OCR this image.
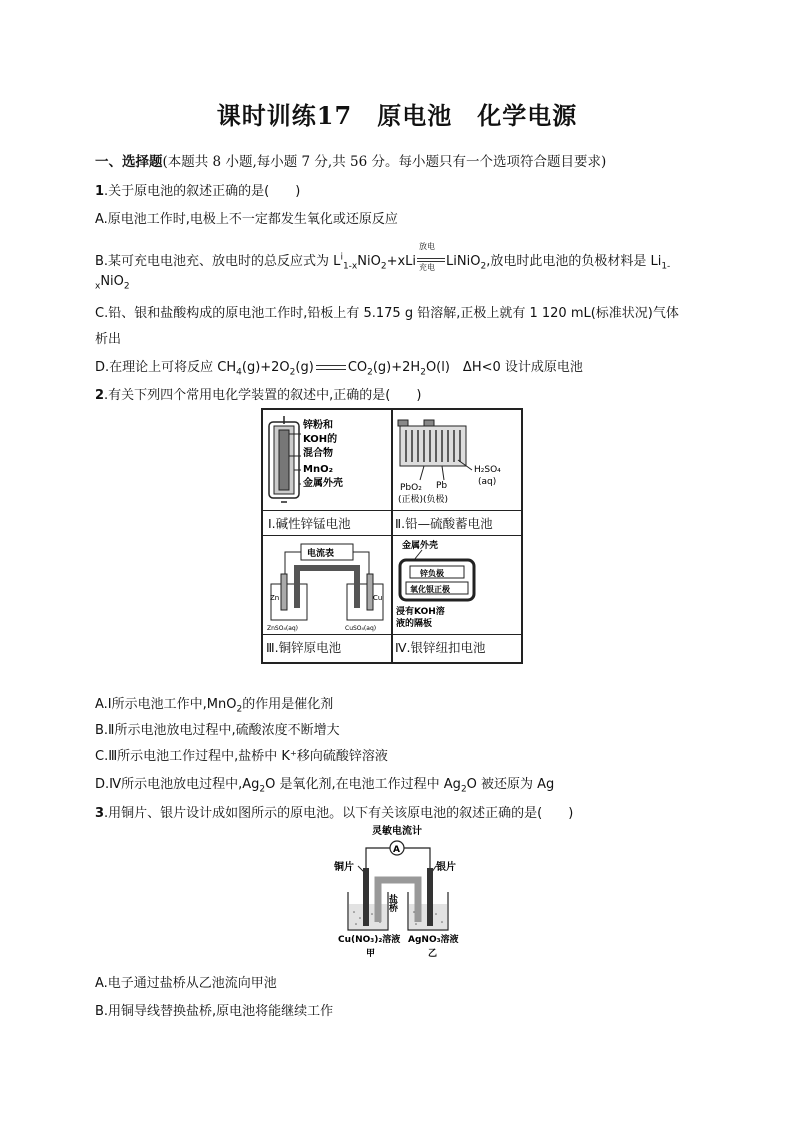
课时训练17　原电池　化学电源
一、选择题(本题共 8 小题,每小题 7 分,共 56 分。每小题只有一个选项符合题目要求)
1.关于原电池的叙述正确的是(　　)
A.原电池工作时,电极上不一定都发生氧化或还原反应
B.某可充电电池充、放电时的总反应式为 $L^i_{1-x}NiO_2+xLi$
放电
充电 LiNiO$_2$,放电时此电池的负极材料是 $Li_{1-}$
$_x$NiO$_2$
C.铅、银和盐酸构成的原电池工作时,铅板上有 5.175 g 铅溶解,正极上就有 1 120 mL(标准状况)气体
析出
D.在理论上可将反应 $CH_4(g)+2O_2(g)$	$CO_2(g)+2H_2O(l)$　ΔH<0 设计成原电池
2.有关下列四个常用电化学装置的叙述中,正确的是(　　)
锌粉和
KOH的
混合物
MnO₂
金属外壳
Ⅰ.碱性锌锰电池
H₂SO₄
(aq)
PbO₂ Pb
(正极)(负极)
Ⅱ.铅—硫酸蓄电池
电流表
Zn	Cu
ZnSO₄(aq)	CuSO₄(aq)
Ⅲ.铜锌原电池
金属外壳
锌负极
氧化银正极
浸有KOH溶
液的隔板
Ⅳ.银锌纽扣电池
A.Ⅰ所示电池工作中,MnO$_2$的作用是催化剂
B.Ⅱ所示电池放电过程中,硫酸浓度不断增大
C.Ⅲ所示电池工作过程中,盐桥中 K⁺移向硫酸锌溶液
D.Ⅳ所示电池放电过程中$,Ag_2O$ 是氧化剂,在电池工作过程中 $Ag_2O$ 被还原为 Ag
3.用铜片、银片设计成如图所示的原电池。以下有关该原电池的叙述正确的是(　　)
灵敏电流计
A
铜片	银片
盐桥
Cu(NO₃)₂溶液 AgNO₃溶液
甲	乙
A.电子通过盐桥从乙池流向甲池
B.用铜导线替换盐桥,原电池将能继续工作
